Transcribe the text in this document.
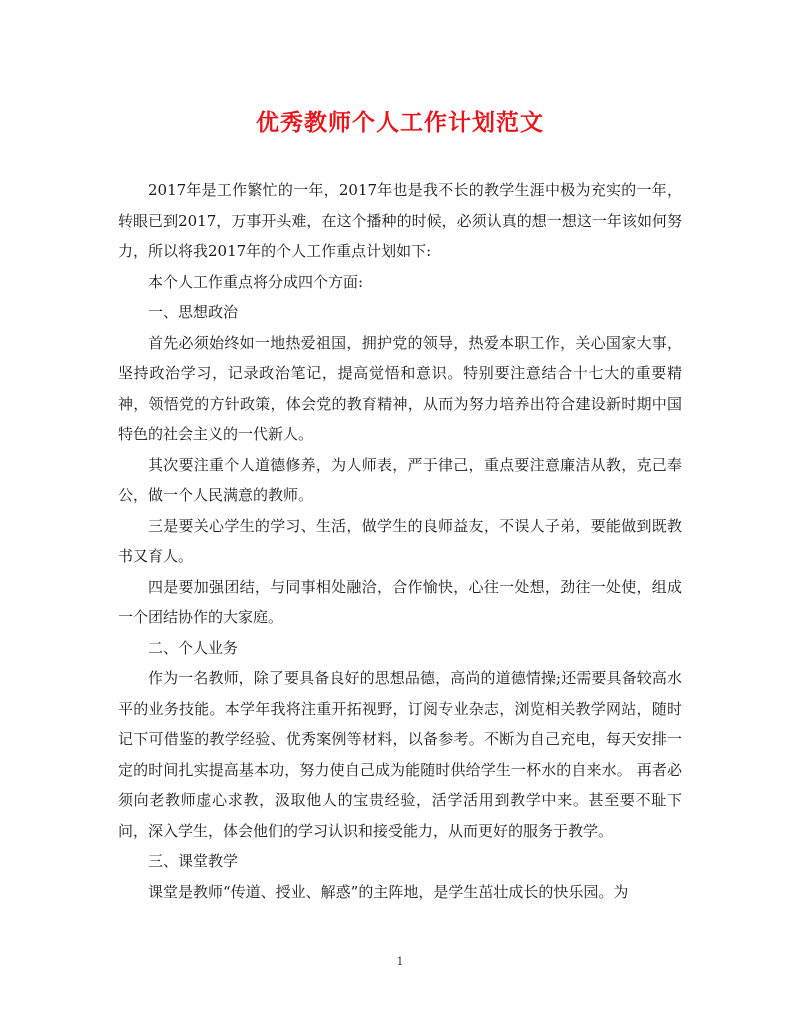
优秀教师个人工作计划范文

2017年是工作繁忙的一年，2017年也是我不长的教学生涯中极为充实的一年，转眼已到2017，万事开头难，在这个播种的时候，必须认真的想一想这一年该如何努力，所以将我2017年的个人工作重点计划如下:

本个人工作重点将分成四个方面:

一、思想政治

首先必须始终如一地热爱祖国，拥护党的领导，热爱本职工作，关心国家大事，坚持政治学习，记录政治笔记，提高觉悟和意识。特别要注意结合十七大的重要精神，领悟党的方针政策，体会党的教育精神，从而为努力培养出符合建设新时期中国特色的社会主义的一代新人。

其次要注重个人道德修养，为人师表，严于律己，重点要注意廉洁从教，克己奉公，做一个人民满意的教师。

三是要关心学生的学习、生活，做学生的良师益友，不误人子弟，要能做到既教书又育人。

四是要加强团结，与同事相处融洽，合作愉快，心往一处想，劲往一处使，组成一个团结协作的大家庭。

二、个人业务

作为一名教师，除了要具备良好的思想品德，高尚的道德情操;还需要具备较高水平的业务技能。本学年我将注重开拓视野，订阅专业杂志，浏览相关教学网站，随时记下可借鉴的教学经验、优秀案例等材料，以备参考。不断为自己充电，每天安排一定的时间扎实提高基本功，努力使自己成为能随时供给学生一杯水的自来水。 再者必须向老教师虚心求教，汲取他人的宝贵经验，活学活用到教学中来。甚至要不耻下问，深入学生，体会他们的学习认识和接受能力，从而更好的服务于教学。

三、课堂教学

课堂是教师“传道、授业、解惑”的主阵地，是学生茁壮成长的快乐园。为

1
